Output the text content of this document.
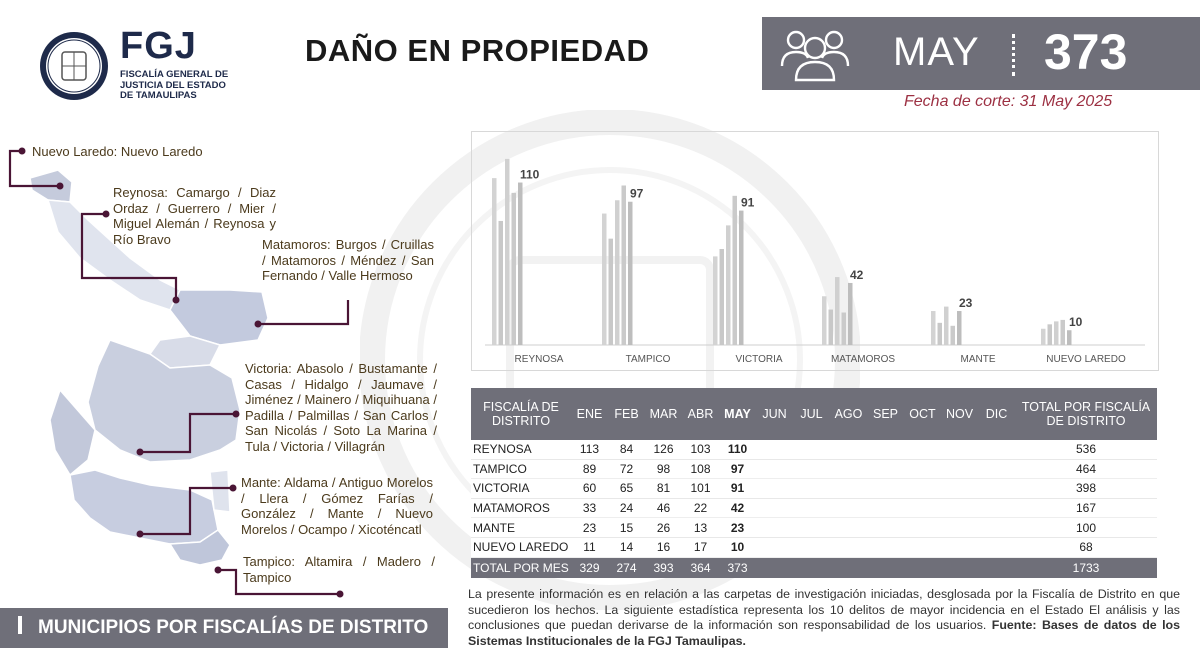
FGJ
FISCALÍA GENERAL DE
JUSTICIA DEL ESTADO
DE TAMAULIPAS
DAÑO EN PROPIEDAD	MAY 373
Fecha de corte: 31 May 2025
Nuevo Laredo: Nuevo Laredo
Reynosa: Camargo / Diaz Ordaz / Guerrero / Mier / Miguel Alemán / Reynosa y Río Bravo	Matamoros: Burgos / Cruillas / Matamoros / Méndez / San Fernando / Valle Hermoso
Victoria: Abasolo / Bustamante / Casas / Hidalgo / Jaumave / Jiménez / Mainero / Miquihuana / Padilla / Palmillas / San Carlos / San Nicolás / Soto La Marina / Tula / Victoria / Villagrán
Mante: Aldama / Antiguo Morelos / Llera / Gómez Farías / González / Mante / Nuevo Morelos / Ocampo / Xicoténcatl
Tampico: Altamira / Madero / Tampico
MUNICIPIOS POR FISCALÍAS DE DISTRITO
110
REYNOSA
97
TAMPICO
91
VICTORIA
42
MATAMOROS
23
MANTE
10
NUEVO LAREDO
FISCALÍA DE DISTRITO	ENE	FEB	MAR	ABR	MAY	JUN	JUL	AGO	SEP	OCT	NOV	DIC	TOTAL POR FISCALÍA DE DISTRITO
REYNOSA	113	84	126	103	110								536
TAMPICO	89	72	98	108	97								464
VICTORIA	60	65	81	101	91								398
MATAMOROS	33	24	46	22	42								167
MANTE	23	15	26	13	23								100
NUEVO LAREDO	11	14	16	17	10								68
TOTAL POR MES	329	274	393	364	373								1733
La presente información es en relación a las carpetas de investigación iniciadas, desglosada por la Fiscalía de Distrito en que sucedieron los hechos. La siguiente estadística representa los 10 delitos de mayor incidencia en el Estado El análisis y las conclusiones que puedan derivarse de la información son responsabilidad de los usuarios. Fuente: Bases de datos de los Sistemas Institucionales de la FGJ Tamaulipas.
